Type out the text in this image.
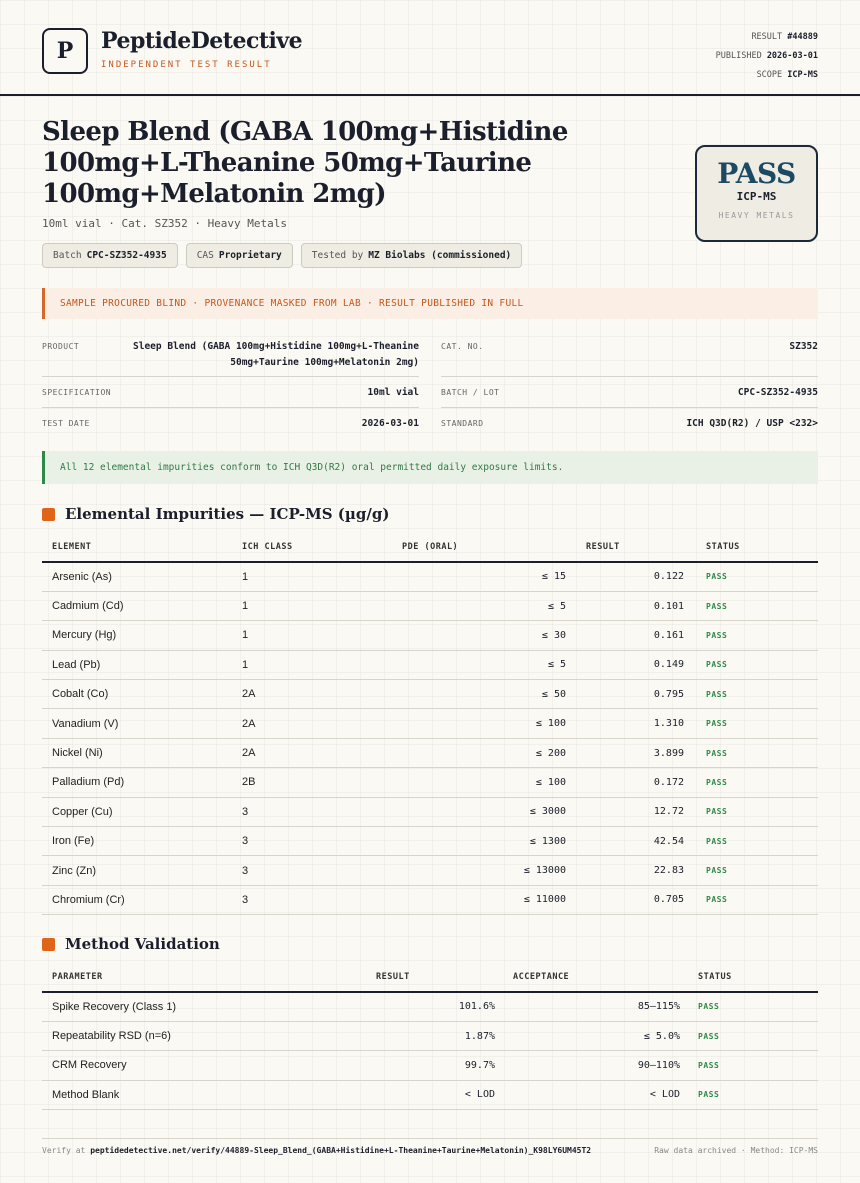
P	PeptideDetective
INDEPENDENT TEST RESULT
RESULT #44889
PUBLISHED 2026-03-01
SCOPE ICP-MS
Sleep Blend (GABA 100mg+Histidine 100mg+L-Theanine 50mg+Taurine 100mg+Melatonin 2mg)
10ml vial · Cat. SZ352 · Heavy Metals
Batch CPC-SZ352-4935	CAS Proprietary	Tested by MZ Biolabs (commissioned)
PASS
ICP-MS
HEAVY METALS
SAMPLE PROCURED BLIND · PROVENANCE MASKED FROM LAB · RESULT PUBLISHED IN FULL
PRODUCT	Sleep Blend (GABA 100mg+Histidine 100mg+L-Theanine
50mg+Taurine 100mg+Melatonin 2mg)
CAT. NO.	SZ352
SPECIFICATION	10ml vial	BATCH / LOT	CPC-SZ352-4935
TEST DATE	2026-03-01	STANDARD	ICH Q3D(R2) / USP <232>
All 12 elemental impurities conform to ICH Q3D(R2) oral permitted daily exposure limits.
Elemental Impurities — ICP-MS (µg/g)
ELEMENT	ICH CLASS	PDE (ORAL)	RESULT	STATUS
Arsenic (As)	1	≤ 15	0.122	PASS
Cadmium (Cd)	1	≤ 5	0.101	PASS
Mercury (Hg)	1	≤ 30	0.161	PASS
Lead (Pb)	1	≤ 5	0.149	PASS
Cobalt (Co)	2A	≤ 50	0.795	PASS
Vanadium (V)	2A	≤ 100	1.310	PASS
Nickel (Ni)	2A	≤ 200	3.899	PASS
Palladium (Pd)	2B	≤ 100	0.172	PASS
Copper (Cu)	3	≤ 3000	12.72	PASS
Iron (Fe)	3	≤ 1300	42.54	PASS
Zinc (Zn)	3	≤ 13000	22.83	PASS
Chromium (Cr)	3	≤ 11000	0.705	PASS
Method Validation
PARAMETER	RESULT	ACCEPTANCE	STATUS
Spike Recovery (Class 1)	101.6%	85–115%	PASS
Repeatability RSD (n=6)	1.87%	≤ 5.0%	PASS
CRM Recovery	99.7%	90–110%	PASS
Method Blank	< LOD	< LOD	PASS
Verify at peptidedetective.net/verify/44889-Sleep_Blend_(GABA+Histidine+L-Theanine+Taurine+Melatonin)_K98LY6UM45T2	Raw data archived · Method: ICP-MS
